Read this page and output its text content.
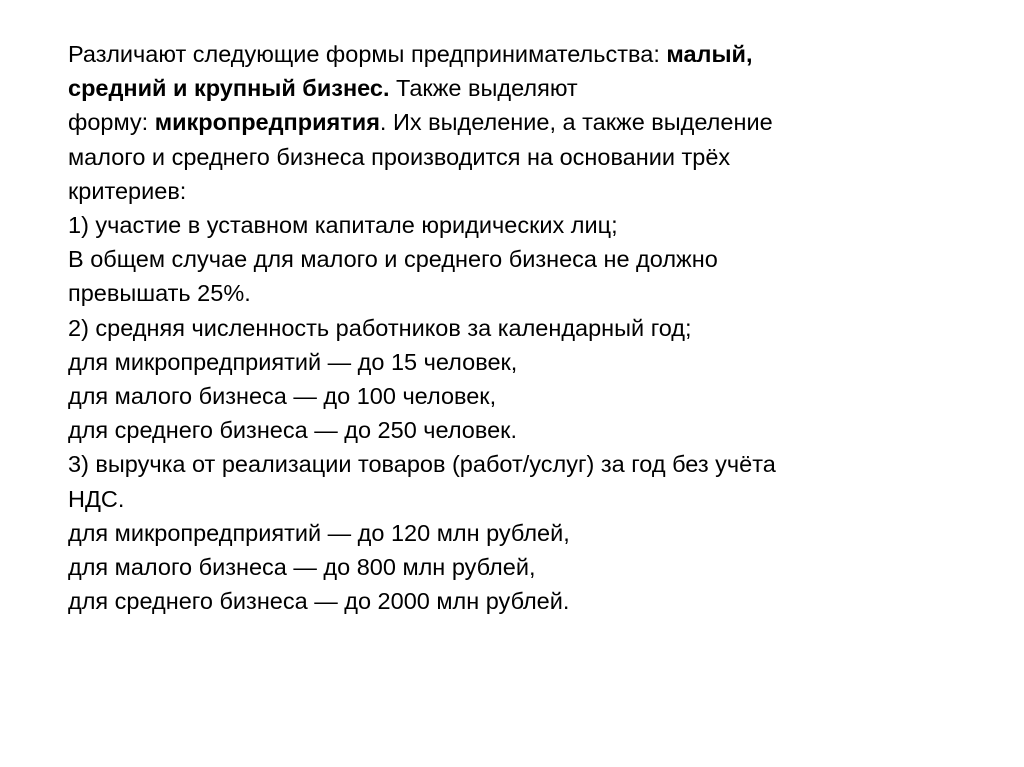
Различают следующие формы предпринимательства: малый,
средний и крупный бизнес. Также выделяют
форму: микропредприятия. Их выделение, а также выделение
малого и среднего бизнеса производится на основании трёх
критериев:
1) участие в уставном капитале юридических лиц;
В общем случае для малого и среднего бизнеса не должно
превышать 25%.
2) средняя численность работников за календарный год;
для микропредприятий — до 15 человек,
для малого бизнеса — до 100 человек,
для среднего бизнеса — до 250 человек.
3) выручка от реализации товаров (работ/услуг) за год без учёта
НДС.
для микропредприятий — до 120 млн рублей,
для малого бизнеса — до 800 млн рублей,
для среднего бизнеса — до 2000 млн рублей.
